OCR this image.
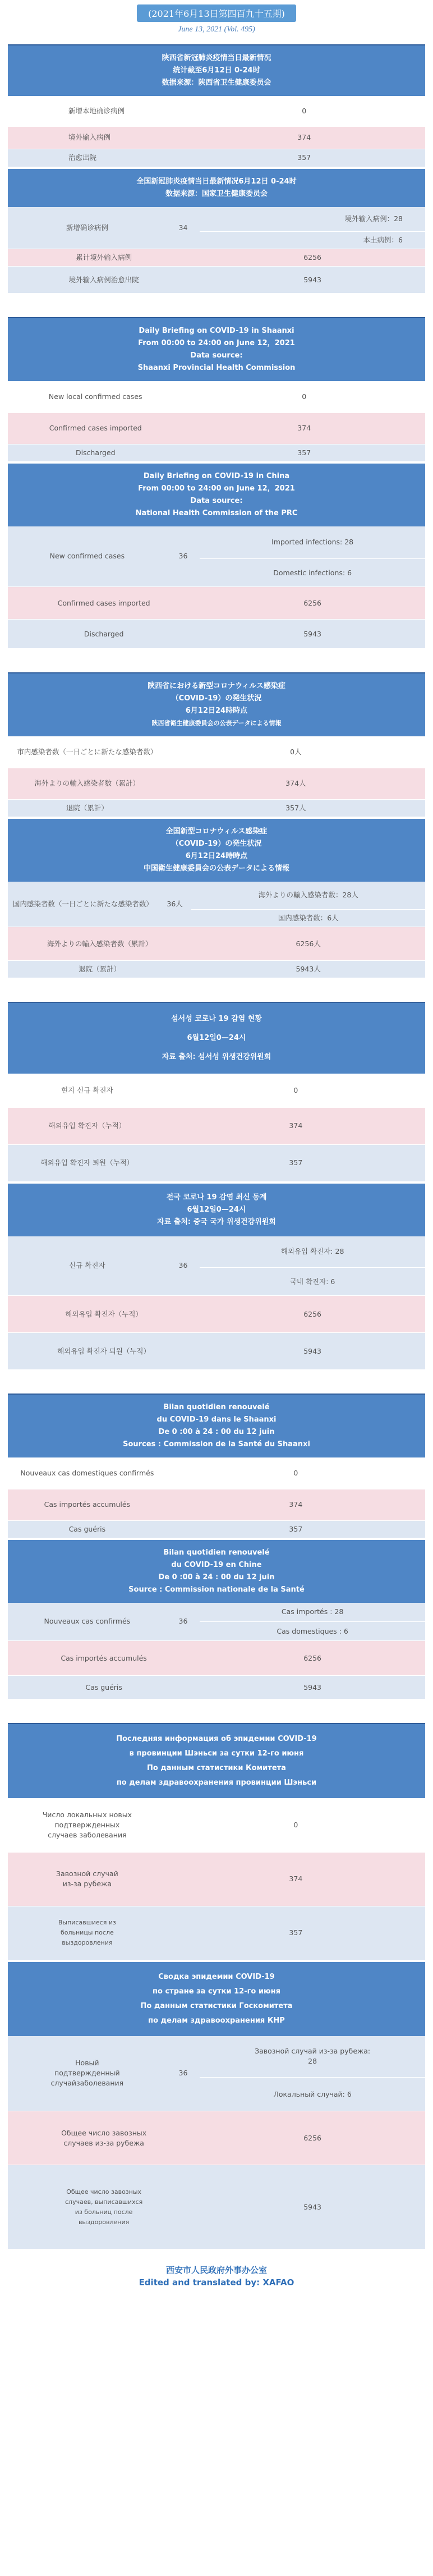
(2021年6月13日第四百九十五期)
June 13, 2021 (Vol. 495)
陕西省新冠肺炎疫情当日最新情况
统计截至6月12日 0-24时
数据来源：陕西省卫生健康委员会
新增本地确诊病例	0
境外输入病例	374
治愈出院	357
全国新冠肺炎疫情当日最新情况6月12日 0-24时
数据来源：国家卫生健康委员会
新增确诊病例	34	境外输入病例：28
		本土病例：6
累计境外输入病例		6256
境外输入病例治愈出院		5943
Daily Briefing on COVID-19 in Shaanxi
From 00:00 to 24:00 on June 12，2021
Data source:
Shaanxi Provincial Health Commission
New local confirmed cases	0
Confirmed cases imported	374
Discharged	357
Daily Briefing on COVID-19 in China
From 00:00 to 24:00 on June 12，2021
Data source:
National Health Commission of the PRC
New confirmed cases	36	Imported infections: 28
		Domestic infections: 6
Confirmed cases imported		6256
Discharged		5943
陝西省における新型コロナウィルス感染症
（COVID-19）の発生状況
6月12日24時時点
陝西省衛生健康委員会の公表データによる情報
市内感染者数（一日ごとに新たな感染者数）	0人
海外よりの輸入感染者数（累計）	374人
退院（累計）	357人
全国新型コロナウィルス感染症
（COVID-19）の発生状況
6月12日24時時点
中国衛生健康委員会の公表データによる情報
国内感染者数（一日ごとに新たな感染者数）	36人	海外よりの輸入感染者数：28人
		国内感染者数：6人
海外よりの輸入感染者数（累計）		6256人
退院（累計）		5943人
섬서성 코로나 19 감염 현황
6월12일0—24시
자료 출처: 섬서성 위생건강위원회
현지 신규 확진자	0
해외유입 확진자（누적）	374
해외유입 확진자 퇴원（누적）	357
전국 코로나 19 감염 최신 동계
6월12일0—24시
자료 출처: 중국 국가 위생건강위원회
신규 확진자	36	해외유입 확진자: 28
		국내 확진자: 6
해외유입 확진자（누적）		6256
해외유입 확진자 퇴원（누적）		5943
Bilan quotidien renouvelé
du COVID-19 dans le Shaanxi
De 0 :00 à 24 : 00 du 12 juin
Sources : Commission de la Santé du Shaanxi
Nouveaux cas domestiques confirmés	0
Cas importés accumulés	374
Cas guéris	357
Bilan quotidien renouvelé
du COVID-19 en Chine
De 0 :00 à 24 : 00 du 12 juin
Source : Commission nationale de la Santé
Nouveaux cas confirmés	36	Cas importés : 28
		Cas domestiques : 6
Cas importés accumulés		6256
Cas guéris		5943
Последняя информация об эпидемии COVID-19
в провинции Шэньси за сутки 12-го июня
По данным статистики Комитета
по делам здравоохранения провинции Шэньси
Число локальных новых подтвержденных случаев заболевания	0
Завозной случай из-за рубежа	374
Выписавшиеся из больницы после выздоровления	357
Сводка эпидемии COVID-19
по стране за сутки 12-го июня
По данным статистики Госкомитета
по делам здравоохранения КНР
Новый подтвержденный случайзаболевания	36	Завозной случай из-за рубежа: 28
		Локальный случай: 6
Общее число завозных случаев из-за рубежа		6256
Общее число завозных случаев, выписавшихся из больниц после выздоровления		5943
西安市人民政府外事办公室
Edited and translated by: XAFAO
